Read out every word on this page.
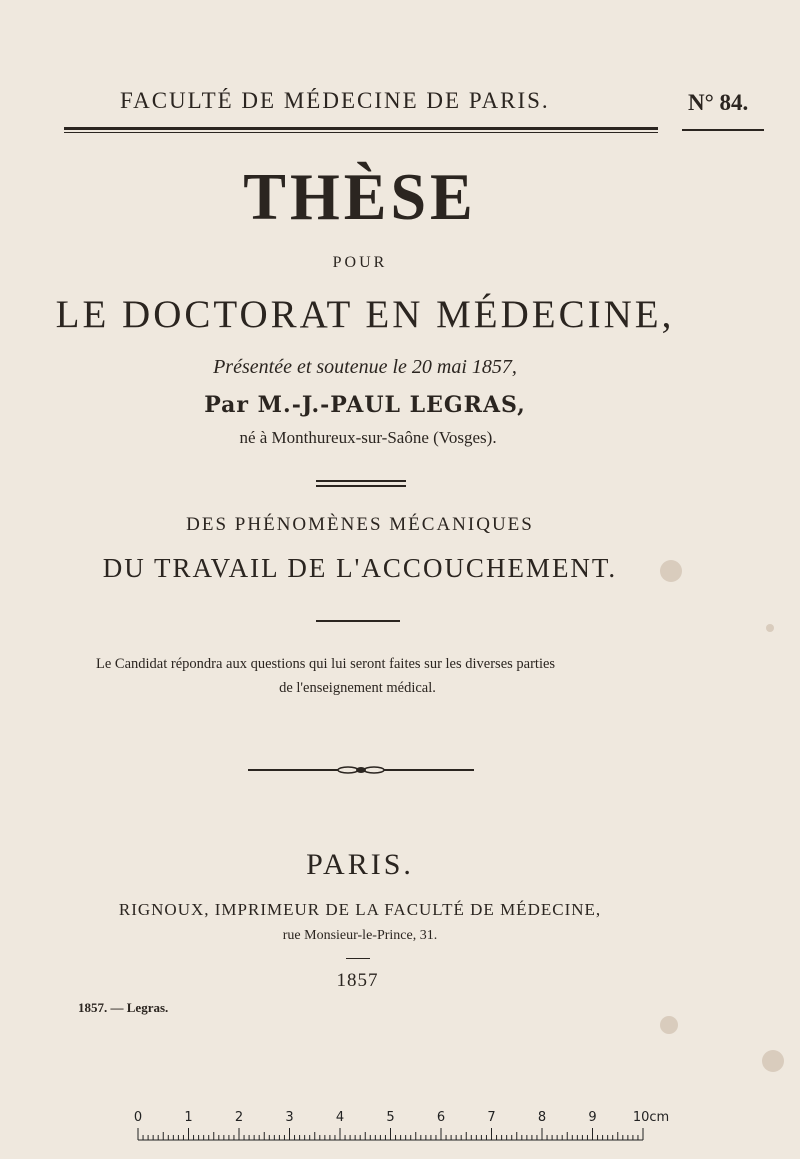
FACULTÉ DE MÉDECINE DE PARIS.	N° 84.
THÈSE
POUR
LE DOCTORAT EN MÉDECINE,
Présentée et soutenue le 20 mai 1857,
Par M.-J.-PAUL LEGRAS,
né à Monthureux-sur-Saône (Vosges).
DES PHÉNOMÈNES MÉCANIQUES
DU TRAVAIL DE L'ACCOUCHEMENT.
Le Candidat répondra aux questions qui lui seront faites sur les diverses parties
de l'enseignement médical.
PARIS.
RIGNOUX, IMPRIMEUR DE LA FACULTÉ DE MÉDECINE,
rue Monsieur-le-Prince, 31.
1857
1857. — Legras.
0	1	2	3	4	5	6	7	8	9	10cm
